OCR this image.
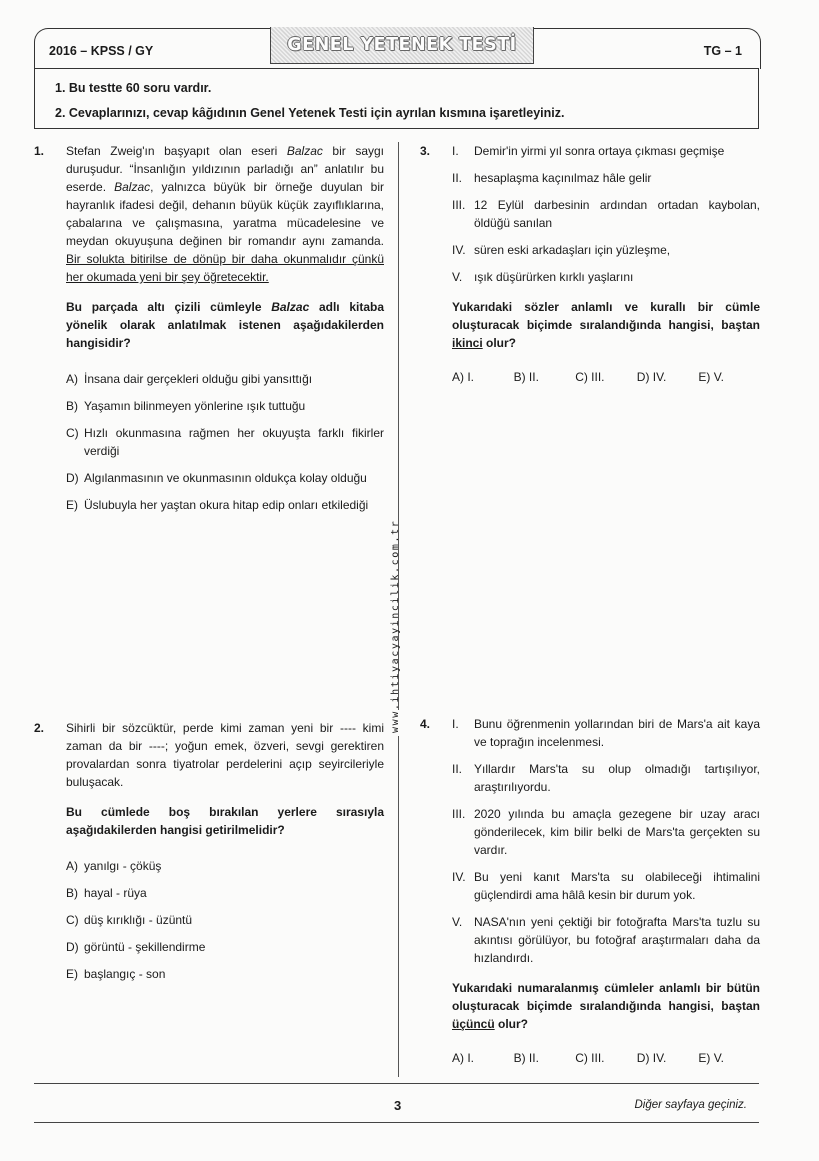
2016 – KPSS / GY	GENEL YETENEK TESTİ	TG – 1
1. Bu testte 60 soru vardır.
2. Cevaplarınızı, cevap kâğıdının Genel Yetenek Testi için ayrılan kısmına işaretleyiniz.
www.ihtiyacyayincilik.com.tr
1. Stefan Zweig'ın başyapıt olan eseri Balzac bir saygı duruşudur. “İnsanlığın yıldızının parladığı an” anlatılır bu eserde. Balzac, yalnızca büyük bir örneğe duyulan bir hayranlık ifadesi değil, dehanın büyük küçük zayıflıklarına, çabalarına ve çalışmasına, yaratma mücadelesine ve meydan okuyuşuna değinen bir romandır aynı zamanda. Bir solukta bitirilse de dönüp bir daha okunmalıdır çünkü her okumada yeni bir şey öğretecektir.

Bu parçada altı çizili cümleyle Balzac adlı kitaba yönelik olarak anlatılmak istenen aşağıdakilerden hangisidir?

A) İnsana dair gerçekleri olduğu gibi yansıttığı
B) Yaşamın bilinmeyen yönlerine ışık tuttuğu
C) Hızlı okunmasına rağmen her okuyuşta farklı fikirler verdiği
D) Algılanmasının ve okunmasının oldukça kolay olduğu
E) Üslubuyla her yaştan okura hitap edip onları etkilediği
2. Sihirli bir sözcüktür, perde kimi zaman yeni bir ---- kimi zaman da bir ----; yoğun emek, özveri, sevgi gerektiren provalardan sonra tiyatrolar perdelerini açıp seyircileriyle buluşacak.

Bu cümlede boş bırakılan yerlere sırasıyla aşağıdakilerden hangisi getirilmelidir?

A) yanılgı - çöküş
B) hayal - rüya
C) düş kırıklığı - üzüntü
D) görüntü - şekillendirme
E) başlangıç - son
3. I.	Demir'in yirmi yıl sonra ortaya çıkması geçmişe
II. hesaplaşma kaçınılmaz hâle gelir
III. 12 Eylül darbesinin ardından ortadan kaybolan, öldüğü sanılan
IV. süren eski arkadaşları için yüzleşme,
V. ışık düşürürken kırklı yaşlarını

Yukarıdaki sözler anlamlı ve kurallı bir cümle oluşturacak biçimde sıralandığında hangisi, baştan ikinci olur?

A) I.	B) II.	C) III.	D) IV.	E) V.
4. I.	Bunu öğrenmenin yollarından biri de Mars'a ait kaya ve toprağın incelenmesi.
II. Yıllardır Mars'ta su olup olmadığı tartışılıyor, araştırılıyordu.
III. 2020 yılında bu amaçla gezegene bir uzay aracı gönderilecek, kim bilir belki de Mars'ta gerçekten su vardır.
IV. Bu yeni kanıt Mars'ta su olabileceği ihtimalini güçlendirdi ama hâlâ kesin bir durum yok.
V. NASA'nın yeni çektiği bir fotoğrafta Mars'ta tuzlu su akıntısı görülüyor, bu fotoğraf araştırmaları daha da hızlandırdı.

Yukarıdaki numaralanmış cümleler anlamlı bir bütün oluşturacak biçimde sıralandığında hangisi, baştan üçüncü olur?

A) I.	B) II.	C) III.	D) IV.	E) V.
3	Diğer sayfaya geçiniz.
